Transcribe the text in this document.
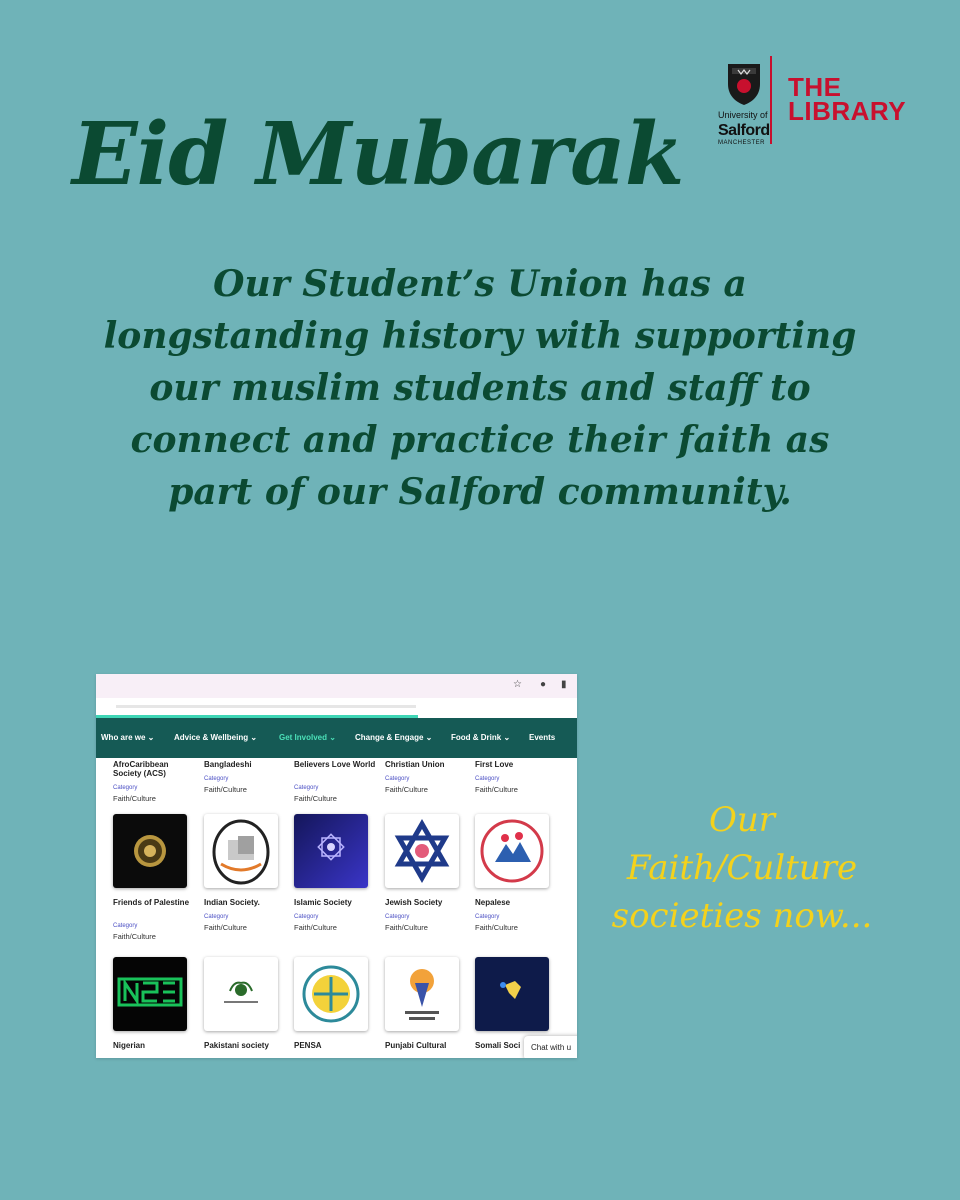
Eid Mubarak

Our Student’s Union has a longstanding history with supporting our muslim students and staff to connect and practice their faith as part of our Salford community.

Our Faith/Culture societies now...

University of
Salford
MANCHESTER
THE
LIBRARY
☆ ● ▮
Who are we ⌄ Advice & Wellbeing ⌄	Get Involved ⌄ Change & Engage ⌄ Food & Drink ⌄ Events
AfroCaribbean Society (ACS)
Category
Faith/Culture
Bangladeshi
Category
Faith/Culture
Believers Love World
Category
Faith/Culture
Christian Union
Category
Faith/Culture
First Love
Category
Faith/Culture
Friends of Palestine
Category
Faith/Culture
Indian Society.
Category
Faith/Culture
Islamic Society
Category
Faith/Culture
Jewish Society
Category
Faith/Culture
Nepalese
Category
Faith/Culture
Nigerian	Pakistani society	PENSA	Punjabi Cultural	Somali Soci	Chat with u
